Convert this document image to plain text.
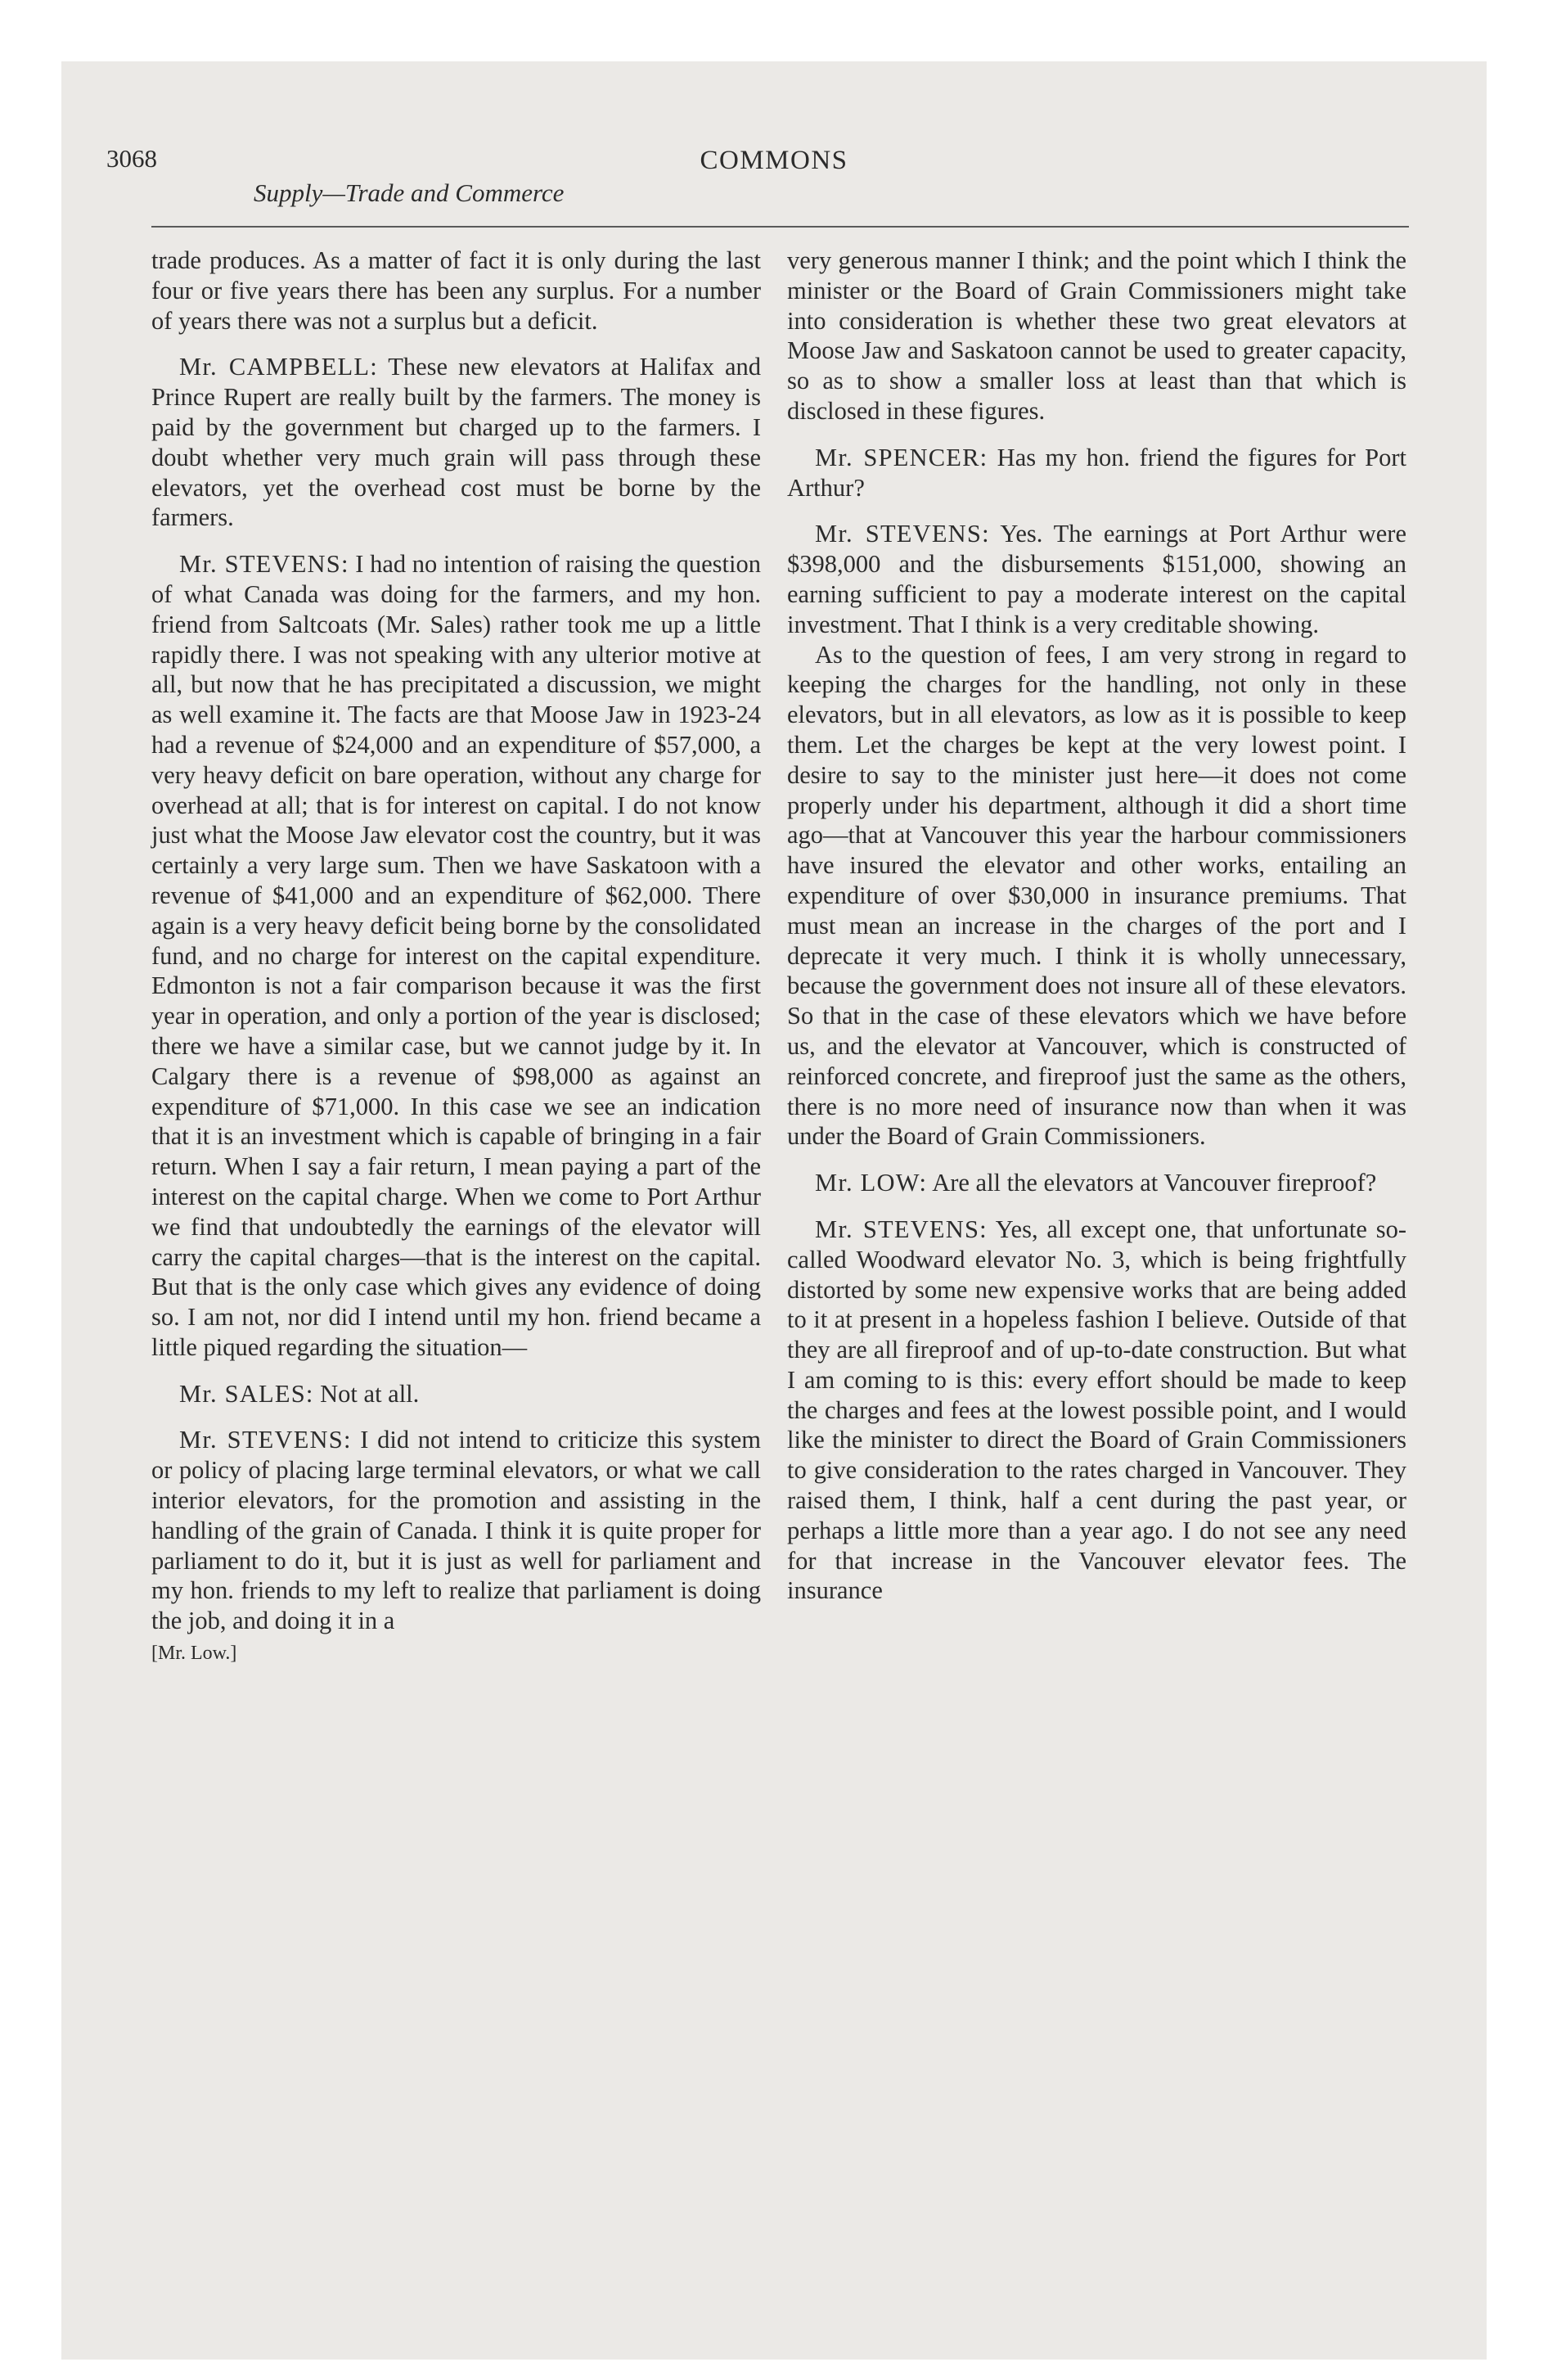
3068	COMMONS

Supply—Trade and Commerce

trade produces. As a matter of fact it is only during the last four or five years there has been any surplus. For a number of years there was not a surplus but a deficit.

Mr. CAMPBELL: These new elevators at Halifax and Prince Rupert are really built by the farmers. The money is paid by the government but charged up to the farmers. I doubt whether very much grain will pass through these elevators, yet the overhead cost must be borne by the farmers.

Mr. STEVENS: I had no intention of raising the question of what Canada was doing for the farmers, and my hon. friend from Saltcoats (Mr. Sales) rather took me up a little rapidly there. I was not speaking with any ulterior motive at all, but now that he has precipitated a discussion, we might as well examine it. The facts are that Moose Jaw in 1923-24 had a revenue of $24,000 and an expenditure of $57,000, a very heavy deficit on bare operation, without any charge for overhead at all; that is for interest on capital. I do not know just what the Moose Jaw elevator cost the country, but it was certainly a very large sum. Then we have Saskatoon with a revenue of $41,000 and an expenditure of $62,000. There again is a very heavy deficit being borne by the consolidated fund, and no charge for interest on the capital expenditure. Edmonton is not a fair comparison because it was the first year in operation, and only a portion of the year is disclosed; there we have a similar case, but we cannot judge by it. In Calgary there is a revenue of $98,000 as against an expenditure of $71,000. In this case we see an indication that it is an investment which is capable of bringing in a fair return. When I say a fair return, I mean paying a part of the interest on the capital charge. When we come to Port Arthur we find that undoubtedly the earnings of the elevator will carry the capital charges—that is the interest on the capital. But that is the only case which gives any evidence of doing so. I am not, nor did I intend until my hon. friend became a little piqued regarding the situation—

Mr. SALES: Not at all.

Mr. STEVENS: I did not intend to criticize this system or policy of placing large terminal elevators, or what we call interior elevators, for the promotion and assisting in the handling of the grain of Canada. I think it is quite proper for parliament to do it, but it is just as well for parliament and my hon. friends to my left to realize that parliament is doing the job, and doing it in a

[Mr. Low.]

very generous manner I think; and the point which I think the minister or the Board of Grain Commissioners might take into consideration is whether these two great elevators at Moose Jaw and Saskatoon cannot be used to greater capacity, so as to show a smaller loss at least than that which is disclosed in these figures.

Mr. SPENCER: Has my hon. friend the figures for Port Arthur?

Mr. STEVENS: Yes. The earnings at Port Arthur were $398,000 and the disbursements $151,000, showing an earning sufficient to pay a moderate interest on the capital investment. That I think is a very creditable showing.

As to the question of fees, I am very strong in regard to keeping the charges for the handling, not only in these elevators, but in all elevators, as low as it is possible to keep them. Let the charges be kept at the very lowest point. I desire to say to the minister just here—it does not come properly under his department, although it did a short time ago—that at Vancouver this year the harbour commissioners have insured the elevator and other works, entailing an expenditure of over $30,000 in insurance premiums. That must mean an increase in the charges of the port and I deprecate it very much. I think it is wholly unnecessary, because the government does not insure all of these elevators. So that in the case of these elevators which we have before us, and the elevator at Vancouver, which is constructed of reinforced concrete, and fireproof just the same as the others, there is no more need of insurance now than when it was under the Board of Grain Commissioners.

Mr. LOW: Are all the elevators at Vancouver fireproof?

Mr. STEVENS: Yes, all except one, that unfortunate so-called Woodward elevator No. 3, which is being frightfully distorted by some new expensive works that are being added to it at present in a hopeless fashion I believe. Outside of that they are all fireproof and of up-to-date construction. But what I am coming to is this: every effort should be made to keep the charges and fees at the lowest possible point, and I would like the minister to direct the Board of Grain Commissioners to give consideration to the rates charged in Vancouver. They raised them, I think, half a cent during the past year, or perhaps a little more than a year ago. I do not see any need for that increase in the Vancouver elevator fees. The insurance
